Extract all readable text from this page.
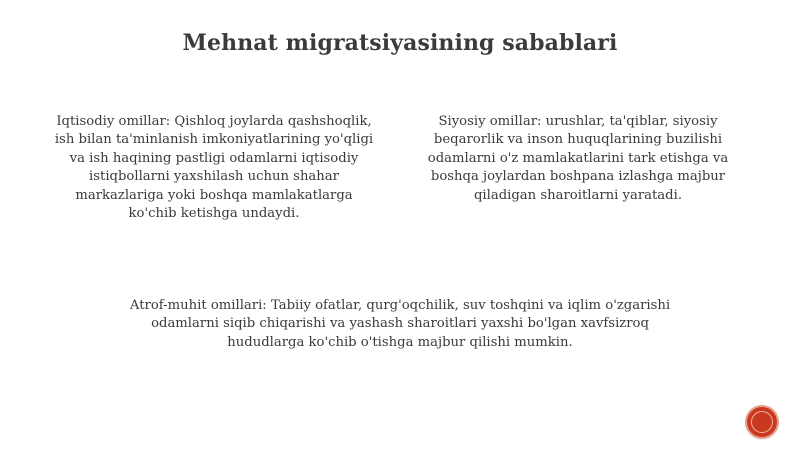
Mehnat migratsiyasining sabablari
Iqtisodiy omillar: Qishloq joylarda qashshoqlik, ish bilan ta'minlanish imkoniyatlarining yo'qligi va ish haqining pastligi odamlarni iqtisodiy istiqbollarni yaxshilash uchun shahar markazlariga yoki boshqa mamlakatlarga ko'chib ketishga undaydi.
Siyosiy omillar: urushlar, ta'qiblar, siyosiy beqarorlik va inson huquqlarining buzilishi odamlarni o'z mamlakatlarini tark etishga va boshqa joylardan boshpana izlashga majbur qiladigan sharoitlarni yaratadi.
Atrof-muhit omillari: Tabiiy ofatlar, qurg'oqchilik, suv toshqini va iqlim o'zgarishi odamlarni siqib chiqarishi va yashash sharoitlari yaxshi bo'lgan xavfsizroq hududlarga ko'chib o'tishga majbur qilishi mumkin.
